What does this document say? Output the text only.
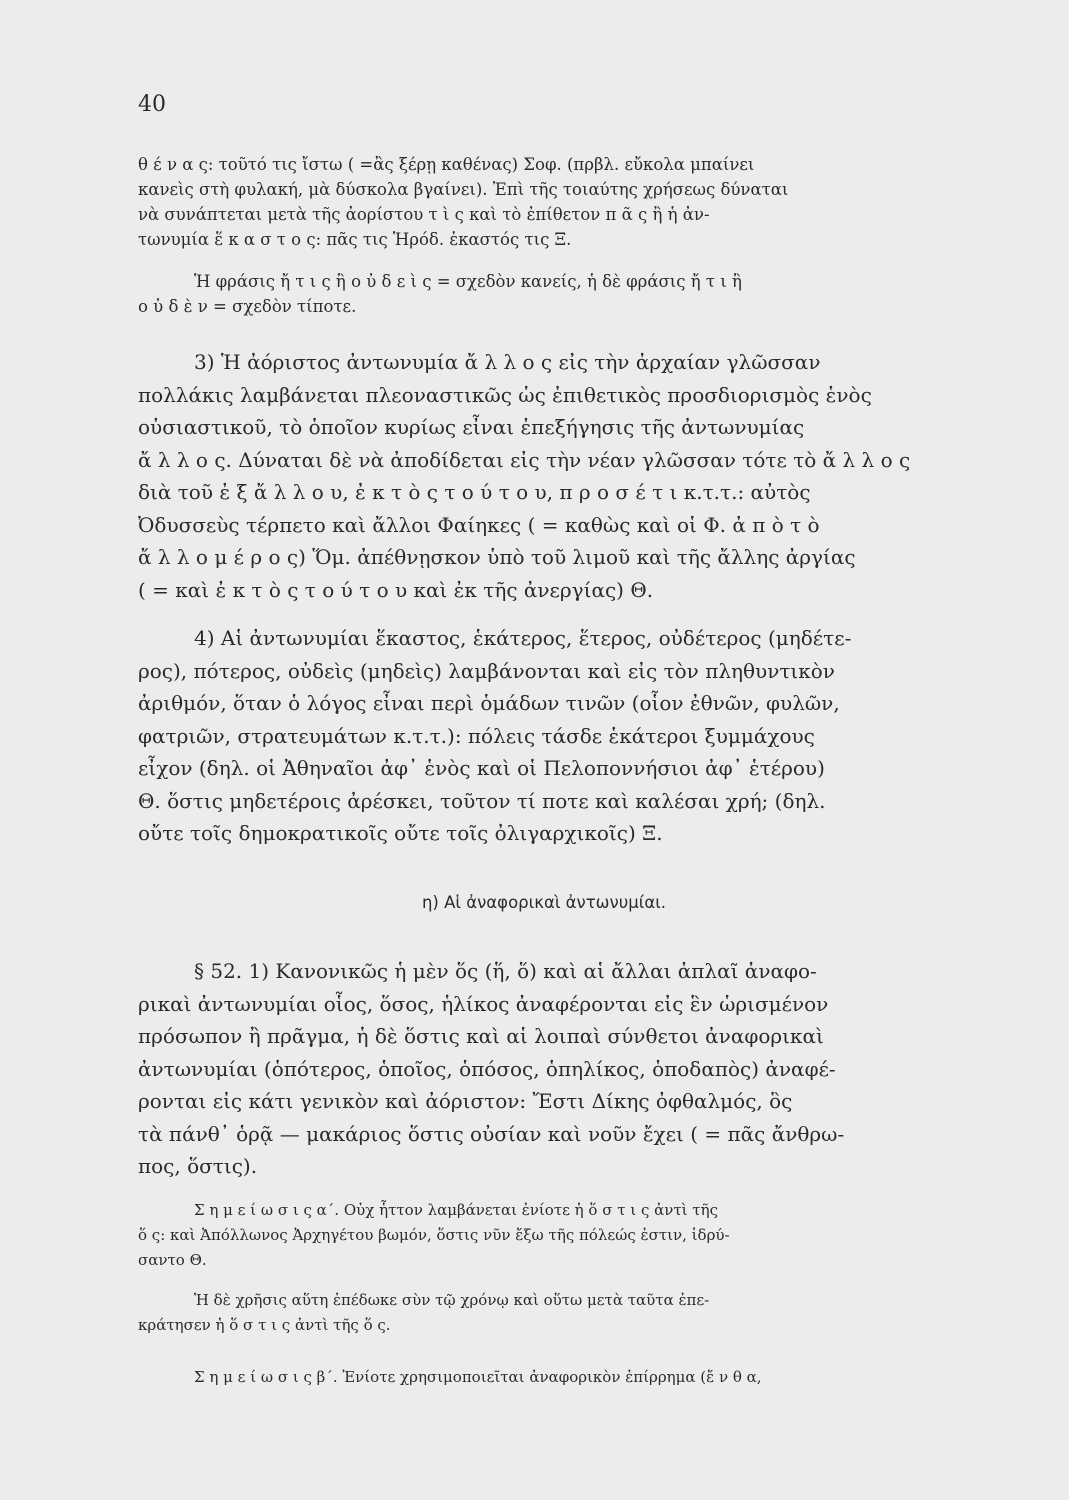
40

θ έ ν α ς: τοῦτό τις ἴστω ( =ἂς ξέρῃ καθένας) Σοφ. (πρβλ. εὔκολα μπαίνει

κανεὶς στὴ φυλακή, μὰ δύσκολα βγαίνει). Ἐπὶ τῆς τοιαύτης χρήσεως δύναται

νὰ συνάπτεται μετὰ τῆς ἀορίστου τ ὶ ς καὶ τὸ ἐπίθετον π ᾶ ς ἢ ἡ ἀν-

τωνυμία ἕ κ α σ τ ο ς: πᾶς τις Ἡρόδ. ἑκαστός τις Ξ.

Ἡ φράσις ἤ τ ι ς ἢ ο ὐ δ ε ὶ ς = σχεδὸν κανείς, ἡ δὲ φράσις ἤ τ ι ἢ

ο ὐ δ ὲ ν = σχεδὸν τίποτε.

3) Ἡ ἀόριστος ἀντωνυμία ἄ λ λ ο ς εἰς τὴν ἀρχαίαν γλῶσσαν

πολλάκις λαμβάνεται πλεοναστικῶς ὡς ἐπιθετικὸς προσδιορισμὸς ἑνὸς

οὐσιαστικοῦ, τὸ ὁποῖον κυρίως εἶναι ἐπεξήγησις τῆς ἀντωνυμίας

ἄ λ λ ο ς. Δύναται δὲ νὰ ἀποδίδεται εἰς τὴν νέαν γλῶσσαν τότε τὸ ἄ λ λ ο ς

διὰ τοῦ ἐ ξ ἄ λ λ ο υ, ἐ κ τ ὸ ς τ ο ύ τ ο υ, π ρ ο σ έ τ ι κ.τ.τ.: αὐτὸς

Ὀδυσσεὺς τέρπετο καὶ ἄλλοι Φαίηκες ( = καθὼς καὶ οἱ Φ. ἀ π ὸ τ ὸ

ἄ λ λ ο μ έ ρ ο ς) Ὅμ. ἀπέθνῃσκον ὑπὸ τοῦ λιμοῦ καὶ τῆς ἄλλης ἀργίας

( = καὶ ἐ κ τ ὸ ς τ ο ύ τ ο υ καὶ ἐκ τῆς ἀνεργίας) Θ.

4) Αἱ ἀντωνυμίαι ἕκαστος, ἑκάτερος, ἕτερος, οὐδέτερος (μηδέτε-

ρος), πότερος, οὐδεὶς (μηδεὶς) λαμβάνονται καὶ εἰς τὸν πληθυντικὸν

ἀριθμόν, ὅταν ὁ λόγος εἶναι περὶ ὁμάδων τινῶν (οἷον ἐθνῶν, φυλῶν,

φατριῶν, στρατευμάτων κ.τ.τ.): πόλεις τάσδε ἑκάτεροι ξυμμάχους

εἶχον (δηλ. οἱ Ἀθηναῖοι ἀφ᾽ ἑνὸς καὶ οἱ Πελοποννήσιοι ἀφ᾽ ἑτέρου)

Θ. ὅστις μηδετέροις ἀρέσκει, τοῦτον τί ποτε καὶ καλέσαι χρή; (δηλ.

οὔτε τοῖς δημοκρατικοῖς οὔτε τοῖς ὀλιγαρχικοῖς) Ξ.

η) Αἱ ἀναφορικαὶ ἀντωνυμίαι.

§ 52. 1) Κανονικῶς ἡ μὲν ὅς (ἥ, ὅ) καὶ αἱ ἄλλαι ἁπλαῖ ἀναφο-

ρικαὶ ἀντωνυμίαι οἷος, ὅσος, ἡλίκος ἀναφέρονται εἰς ἓν ὡρισμένον

πρόσωπον ἢ πρᾶγμα, ἡ δὲ ὅστις καὶ αἱ λοιπαὶ σύνθετοι ἀναφορικαὶ

ἀντωνυμίαι (ὁπότερος, ὁποῖος, ὁπόσος, ὁπηλίκος, ὁποδαπὸς) ἀναφέ-

ρονται εἰς κάτι γενικὸν καὶ ἀόριστον: Ἔστι Δίκης ὀφθαλμός, ὃς

τὰ πάνθ᾽ ὁρᾷ — μακάριος ὅστις οὐσίαν καὶ νοῦν ἔχει ( = πᾶς ἄνθρω-

πος, ὅστις).

Σ η μ ε ί ω σ ι ς α΄. Οὐχ ἧττον λαμβάνεται ἐνίοτε ἡ ὅ σ τ ι ς ἀντὶ τῆς

ὅ ς: καὶ Ἀπόλλωνος Ἀρχηγέτου βωμόν, ὅστις νῦν ἔξω τῆς πόλεώς ἐστιν, ἱδρύ-

σαντο Θ.

Ἡ δὲ χρῆσις αὕτη ἐπέδωκε σὺν τῷ χρόνῳ καὶ οὕτω μετὰ ταῦτα ἐπε-

κράτησεν ἡ ὅ σ τ ι ς ἀντὶ τῆς ὅ ς.

Σ η μ ε ί ω σ ι ς β΄. Ἐνίοτε χρησιμοποιεῖται ἀναφορικὸν ἐπίρρημα (ἔ ν θ α,
